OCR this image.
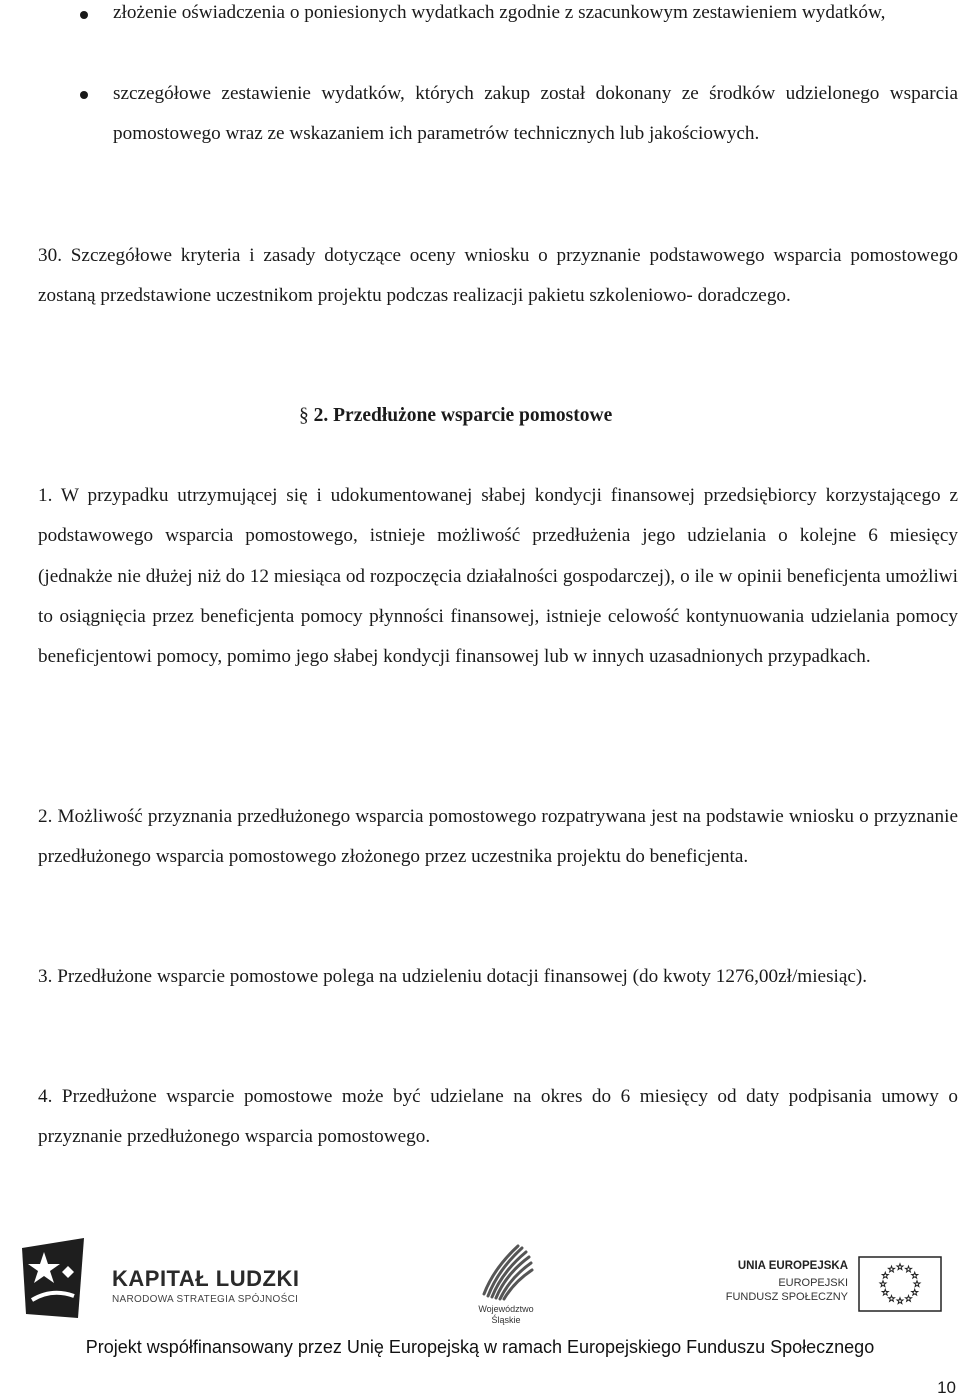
złożenie oświadczenia o poniesionych wydatkach zgodnie z szacunkowym zestawieniem wydatków,

szczegółowe zestawienie wydatków, których zakup został dokonany ze środków udzielonego wsparcia pomostowego wraz ze wskazaniem ich parametrów technicznych lub jakościowych.

30. Szczegółowe kryteria i zasady dotyczące oceny wniosku o przyznanie podstawowego wsparcia pomostowego zostaną przedstawione uczestnikom projektu podczas realizacji pakietu szkoleniowo- doradczego.

§ 2. Przedłużone wsparcie pomostowe

1. W przypadku utrzymującej się i udokumentowanej słabej kondycji finansowej przedsiębiorcy korzystającego z podstawowego wsparcia pomostowego, istnieje możliwość przedłużenia jego udzielania o kolejne 6 miesięcy (jednakże nie dłużej niż do 12 miesiąca od rozpoczęcia działalności gospodarczej), o ile w opinii beneficjenta umożliwi to osiągnięcia przez beneficjenta pomocy płynności finansowej, istnieje celowość kontynuowania udzielania pomocy beneficjentowi pomocy, pomimo jego słabej kondycji finansowej lub w innych uzasadnionych przypadkach.

2. Możliwość przyznania przedłużonego wsparcia pomostowego rozpatrywana jest na podstawie wniosku o przyznanie przedłużonego wsparcia pomostowego złożonego przez uczestnika projektu do beneficjenta.

3. Przedłużone wsparcie pomostowe polega na udzieleniu dotacji finansowej (do kwoty 1276,00zł/miesiąc).

4. Przedłużone wsparcie pomostowe może być udzielane na okres do 6 miesięcy od daty podpisania umowy o przyznanie przedłużonego wsparcia pomostowego.

KAPITAŁ LUDZKI
NARODOWA STRATEGIA SPÓJNOŚCI
Województwo
Śląskie
UNIA EUROPEJSKA
EUROPEJSKI
FUNDUSZ SPOŁECZNY
Projekt współfinansowany przez Unię Europejską w ramach Europejskiego Funduszu Społecznego
10
